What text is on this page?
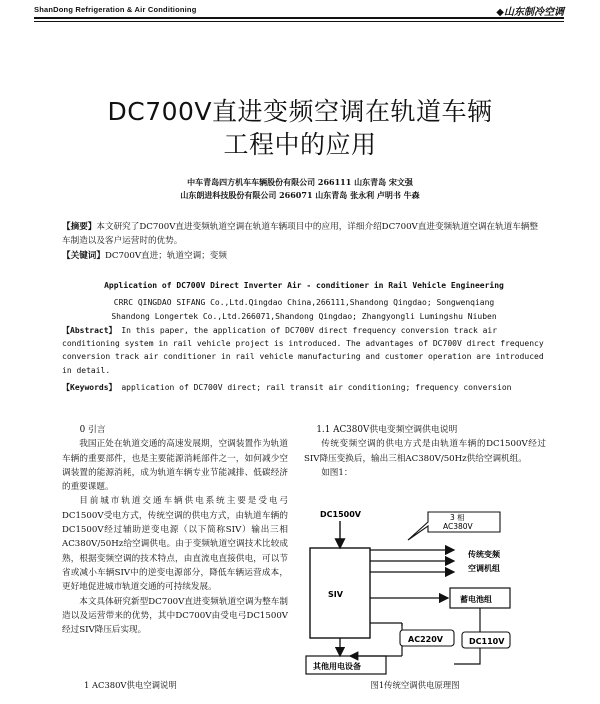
ShanDong Refrigeration & Air Conditioning	◆山东制冷空调
DC700V直进变频空调在轨道车辆
工程中的应用
中车青岛四方机车车辆股份有限公司 266111 山东青岛 宋文强
山东朗进科技股份有限公司 266071 山东青岛 张永利 卢明书 牛森
【摘要】本文研究了DC700V直进变频轨道空调在轨道车辆项目中的应用，详细介绍DC700V直进变频轨道空调在轨道车辆整车制造以及客户运营时的优势。
【关键词】DC700V直进；轨道空调；变频
Application of DC700V Direct Inverter Air - conditioner in Rail Vehicle Engineering
CRRC QINGDAO SIFANG Co.,Ltd.Qingdao China,266111,Shandong Qingdao; Songwenqiang
Shandong Longertek Co.,Ltd.266071,Shandong Qingdao; Zhangyongli Lumingshu Niuben
【Abstract】 In this paper, the application of DC700V direct frequency conversion track air conditioning system in rail vehicle project is introduced. The advantages of DC700V direct frequency conversion track air conditioner in rail vehicle manufacturing and customer operation are introduced in detail.
【Keywords】 application of DC700V direct; rail transit air conditioning; frequency conversion
0 引言

我国正处在轨道交通的高速发展期，空调装置作为轨道车辆的重要部件，也是主要能源消耗部件之一，如何减少空调装置的能源消耗，成为轨道车辆专业节能减排、低碳经济的重要课题。

目前城市轨道交通车辆供电系统主要是受电弓DC1500V受电方式，传统空调的供电方式，由轨道车辆的DC1500V经过辅助逆变电源（以下简称SIV）输出三相AC380V/50Hz给空调供电。由于变频轨道空调技术比较成熟，根据变频空调的技术特点，由直流电直接供电，可以节省或减小车辆SIV中的逆变电源部分，降低车辆运营成本，更好地促进城市轨道交通的可持续发展。

本文具体研究新型DC700V直进变频轨道空调为整车制造以及运营带来的优势，其中DC700V由受电弓DC1500V经过SIV降压后实现。

1 AC380V供电空调说明
1.1 AC380V供电变频空调供电说明

传统变频空调的供电方式是由轨道车辆的DC1500V经过SIV降压变换后，输出三相AC380V/50Hz供给空调机组。

如图1：

DC1500V
SIV
3 相
AC380V
传统变频
空调机组
蓄电池组
AC220V	DC110V
其他用电设备
图1传统空调供电原理图
